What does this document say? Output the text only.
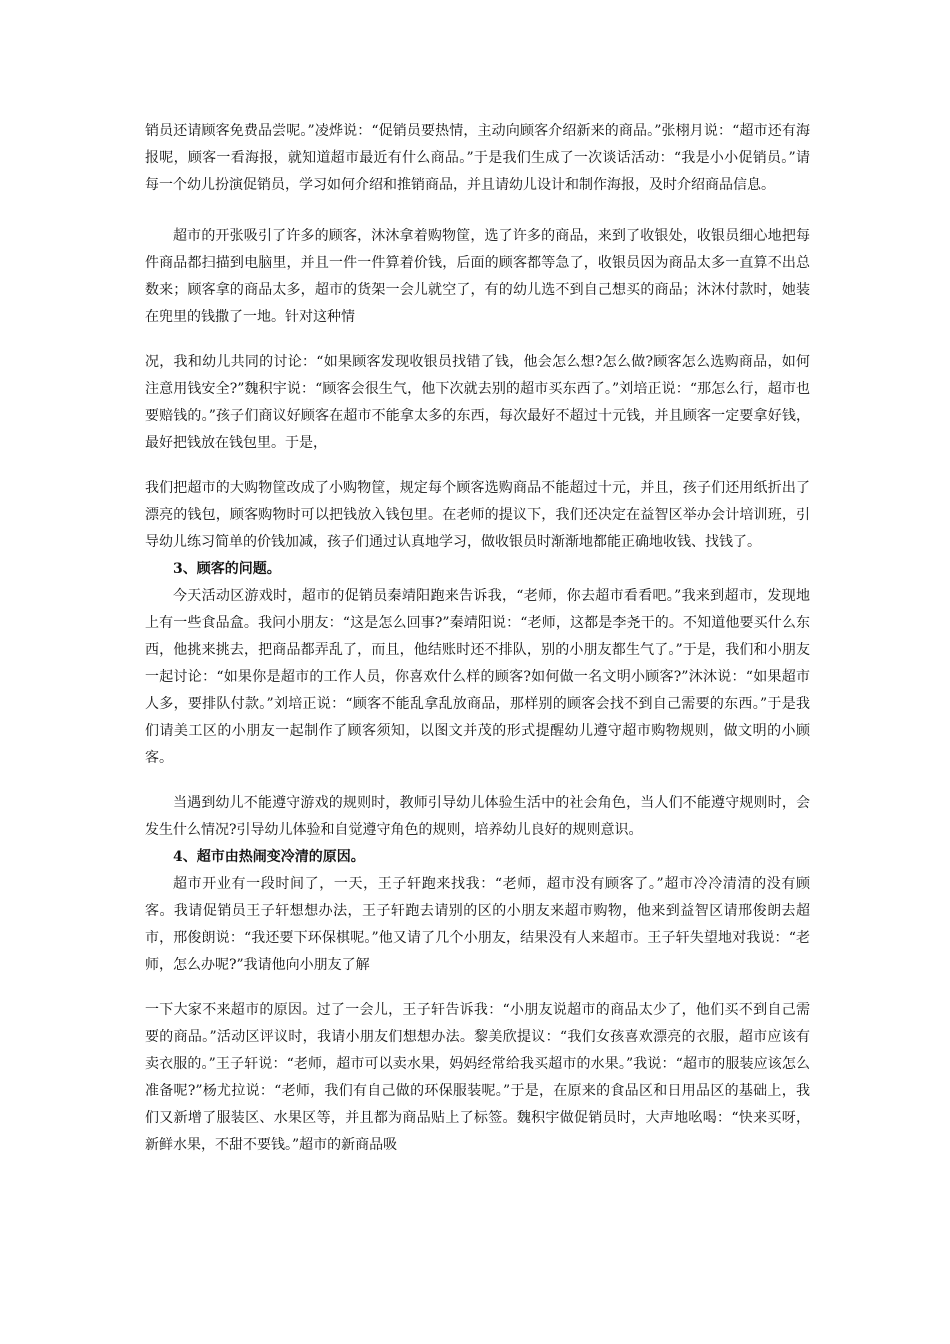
销员还请顾客免费品尝呢。”凌烨说：“促销员要热情，主动向顾客介绍新来的商品。”张栩月说：“超市还有海报呢，顾客一看海报，就知道超市最近有什么商品。”于是我们生成了一次谈话活动：“我是小小促销员。”请每一个幼儿扮演促销员，学习如何介绍和推销商品，并且请幼儿设计和制作海报，及时介绍商品信息。

超市的开张吸引了许多的顾客，沐沐拿着购物筐，选了许多的商品，来到了收银处，收银员细心地把每件商品都扫描到电脑里，并且一件一件算着价钱，后面的顾客都等急了，收银员因为商品太多一直算不出总数来；顾客拿的商品太多，超市的货架一会儿就空了，有的幼儿选不到自己想买的商品；沐沐付款时，她装在兜里的钱撒了一地。针对这种情

况，我和幼儿共同的讨论：“如果顾客发现收银员找错了钱，他会怎么想?怎么做?顾客怎么选购商品，如何注意用钱安全?”魏积宇说：“顾客会很生气，他下次就去别的超市买东西了。”刘培正说：“那怎么行，超市也要赔钱的。”孩子们商议好顾客在超市不能拿太多的东西，每次最好不超过十元钱，并且顾客一定要拿好钱，最好把钱放在钱包里。于是，

我们把超市的大购物筐改成了小购物筐，规定每个顾客选购商品不能超过十元，并且，孩子们还用纸折出了漂亮的钱包，顾客购物时可以把钱放入钱包里。在老师的提议下，我们还决定在益智区举办会计培训班，引导幼儿练习简单的价钱加减，孩子们通过认真地学习，做收银员时渐渐地都能正确地收钱、找钱了。

3、顾客的问题。

今天活动区游戏时，超市的促销员秦靖阳跑来告诉我，“老师，你去超市看看吧。”我来到超市，发现地上有一些食品盒。我问小朋友：“这是怎么回事?”秦靖阳说：“老师，这都是李尧干的。不知道他要买什么东西，他挑来挑去，把商品都弄乱了，而且，他结账时还不排队，别的小朋友都生气了。”于是，我们和小朋友一起讨论：“如果你是超市的工作人员，你喜欢什么样的顾客?如何做一名文明小顾客?”沐沐说：“如果超市人多，要排队付款。”刘培正说：“顾客不能乱拿乱放商品，那样别的顾客会找不到自己需要的东西。”于是我们请美工区的小朋友一起制作了顾客须知，以图文并茂的形式提醒幼儿遵守超市购物规则，做文明的小顾客。

当遇到幼儿不能遵守游戏的规则时，教师引导幼儿体验生活中的社会角色，当人们不能遵守规则时，会发生什么情况?引导幼儿体验和自觉遵守角色的规则，培养幼儿良好的规则意识。

4、超市由热闹变冷清的原因。

超市开业有一段时间了，一天，王子轩跑来找我：“老师，超市没有顾客了。”超市冷冷清清的没有顾客。我请促销员王子轩想想办法，王子轩跑去请别的区的小朋友来超市购物，他来到益智区请邢俊朗去超市，邢俊朗说：“我还要下环保棋呢。”他又请了几个小朋友，结果没有人来超市。王子轩失望地对我说：“老师，怎么办呢?”我请他向小朋友了解

一下大家不来超市的原因。过了一会儿，王子轩告诉我：“小朋友说超市的商品太少了，他们买不到自己需要的商品。”活动区评议时，我请小朋友们想想办法。黎美欣提议：“我们女孩喜欢漂亮的衣服，超市应该有卖衣服的。”王子轩说：“老师，超市可以卖水果，妈妈经常给我买超市的水果。”我说：“超市的服装应该怎么准备呢?”杨尤拉说：“老师，我们有自己做的环保服装呢。”于是，在原来的食品区和日用品区的基础上，我们又新增了服装区、水果区等，并且都为商品贴上了标签。魏积宇做促销员时，大声地吆喝：“快来买呀，新鲜水果，不甜不要钱。”超市的新商品吸
